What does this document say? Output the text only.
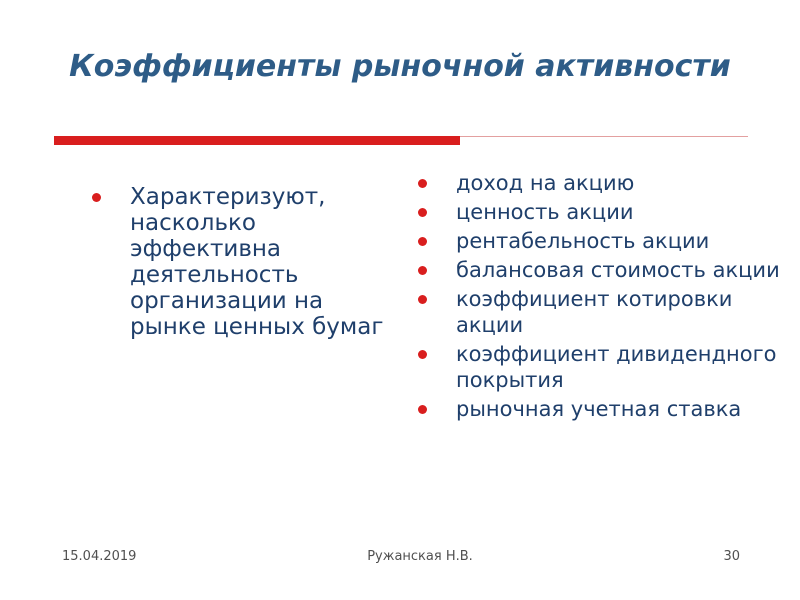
Коэффициенты рыночной активности
Характеризуют, насколько эффективна деятельность организации на рынке ценных бумаг
доход на акцию
ценность акции
рентабельность акции
балансовая стоимость акции
коэффициент котировки акции
коэффициент дивидендного покрытия
рыночная учетная ставка
15.04.2019	Ружанская Н.В.	30
